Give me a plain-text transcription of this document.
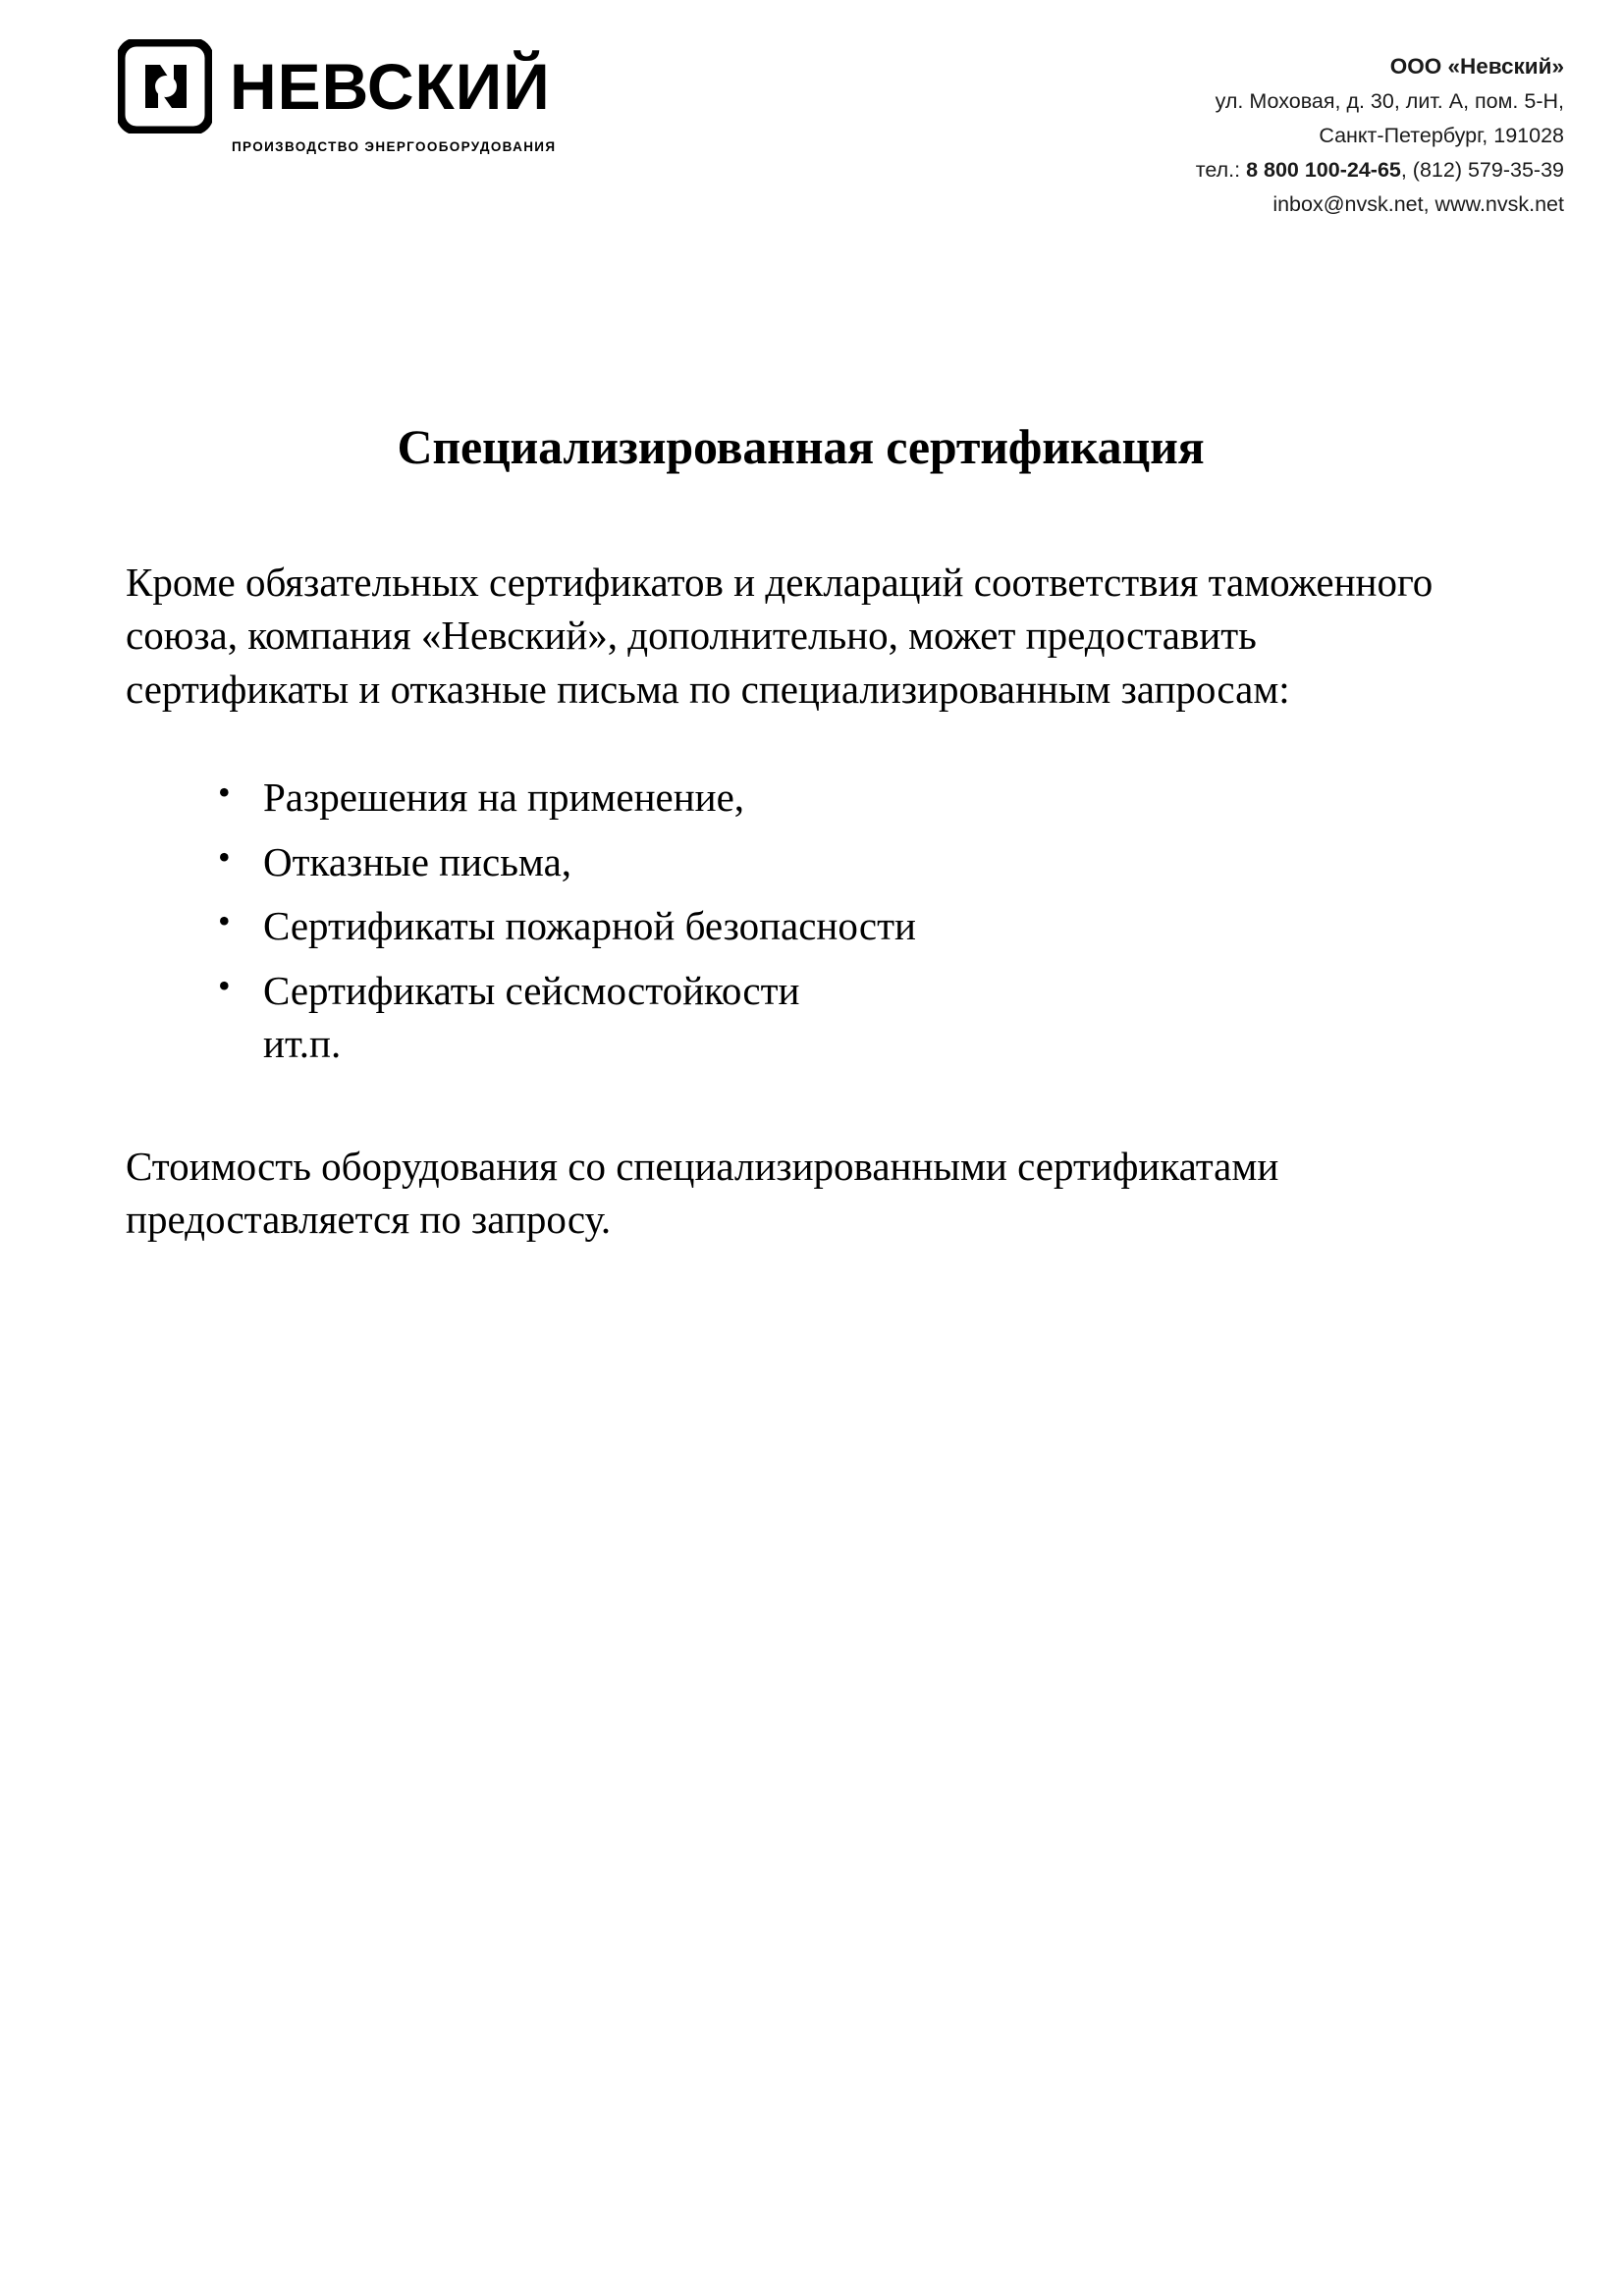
НЕВСКИЙ
ПРОИЗВОДСТВО ЭНЕРГООБОРУДОВАНИЯ
ООО «Невский»
ул. Моховая, д. 30, лит. А, пом. 5-Н,
Санкт-Петербург, 191028
тел.: 8 800 100-24-65, (812) 579-35-39
inbox@nvsk.net, www.nvsk.net
Специализированная сертификация

Кроме обязательных сертификатов и деклараций соответствия таможенного союза, компания «Невский», дополнительно, может предоставить сертификаты и отказные письма по специализированным запросам:

• Разрешения на применение,
• Отказные письма,
• Сертификаты пожарной безопасности
• Сертификаты сейсмостойкости
ит.п.

Стоимость оборудования со специализированными сертификатами предоставляется по запросу.
